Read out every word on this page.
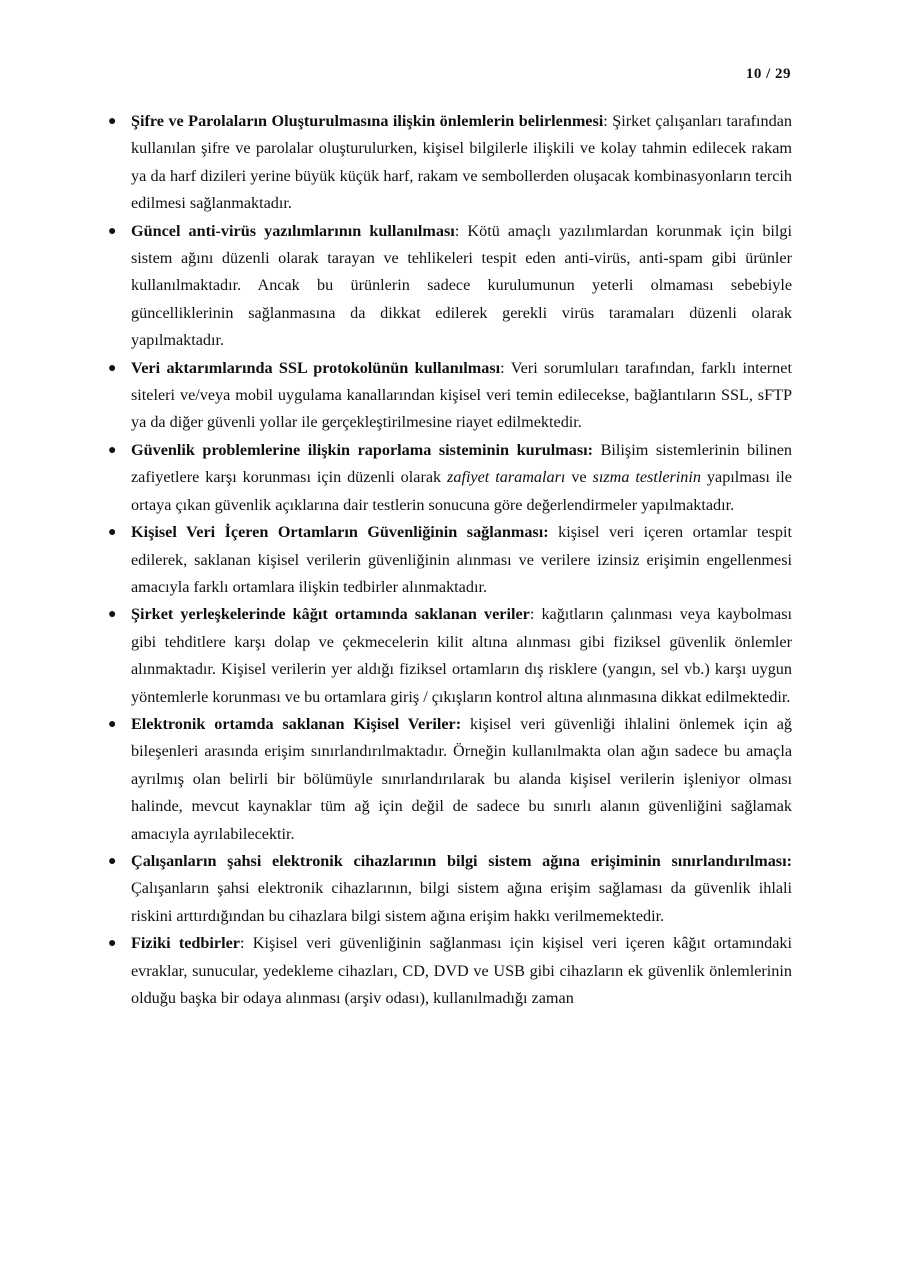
10 / 29
● Şifre ve Parolaların Oluşturulmasına ilişkin önlemlerin belirlenmesi: Şirket çalışanları tarafından kullanılan şifre ve parolalar oluşturulurken, kişisel bilgilerle ilişkili ve kolay tahmin edilecek rakam ya da harf dizileri yerine büyük küçük harf, rakam ve sembollerden oluşacak kombinasyonların tercih edilmesi sağlanmaktadır.
● Güncel anti-virüs yazılımlarının kullanılması: Kötü amaçlı yazılımlardan korunmak için bilgi sistem ağını düzenli olarak tarayan ve tehlikeleri tespit eden anti-virüs, anti-spam gibi ürünler kullanılmaktadır. Ancak bu ürünlerin sadece kurulumunun yeterli olmaması sebebiyle güncelliklerinin sağlanmasına da dikkat edilerek gerekli virüs taramaları düzenli olarak yapılmaktadır.
● Veri aktarımlarında SSL protokolünün kullanılması: Veri sorumluları tarafından, farklı internet siteleri ve/veya mobil uygulama kanallarından kişisel veri temin edilecekse, bağlantıların SSL, sFTP ya da diğer güvenli yollar ile gerçekleştirilmesine riayet edilmektedir.
● Güvenlik problemlerine ilişkin raporlama sisteminin kurulması: Bilişim sistemlerinin bilinen zafiyetlere karşı korunması için düzenli olarak zafiyet taramaları ve sızma testlerinin yapılması ile ortaya çıkan güvenlik açıklarına dair testlerin sonucuna göre değerlendirmeler yapılmaktadır.
● Kişisel Veri İçeren Ortamların Güvenliğinin sağlanması: kişisel veri içeren ortamlar tespit edilerek, saklanan kişisel verilerin güvenliğinin alınması ve verilere izinsiz erişimin engellenmesi amacıyla farklı ortamlara ilişkin tedbirler alınmaktadır.
● Şirket yerleşkelerinde kâğıt ortamında saklanan veriler: kağıtların çalınması veya kaybolması gibi tehditlere karşı dolap ve çekmecelerin kilit altına alınması gibi fiziksel güvenlik önlemler alınmaktadır. Kişisel verilerin yer aldığı fiziksel ortamların dış risklere (yangın, sel vb.) karşı uygun yöntemlerle korunması ve bu ortamlara giriş / çıkışların kontrol altına alınmasına dikkat edilmektedir.
● Elektronik ortamda saklanan Kişisel Veriler: kişisel veri güvenliği ihlalini önlemek için ağ bileşenleri arasında erişim sınırlandırılmaktadır. Örneğin kullanılmakta olan ağın sadece bu amaçla ayrılmış olan belirli bir bölümüyle sınırlandırılarak bu alanda kişisel verilerin işleniyor olması halinde, mevcut kaynaklar tüm ağ için değil de sadece bu sınırlı alanın güvenliğini sağlamak amacıyla ayrılabilecektir.
● Çalışanların şahsi elektronik cihazlarının bilgi sistem ağına erişiminin sınırlandırılması: Çalışanların şahsi elektronik cihazlarının, bilgi sistem ağına erişim sağlaması da güvenlik ihlali riskini arttırdığından bu cihazlara bilgi sistem ağına erişim hakkı verilmemektedir.
● Fiziki tedbirler: Kişisel veri güvenliğinin sağlanması için kişisel veri içeren kâğıt ortamındaki evraklar, sunucular, yedekleme cihazları, CD, DVD ve USB gibi cihazların ek güvenlik önlemlerinin olduğu başka bir odaya alınması (arşiv odası), kullanılmadığı zaman
